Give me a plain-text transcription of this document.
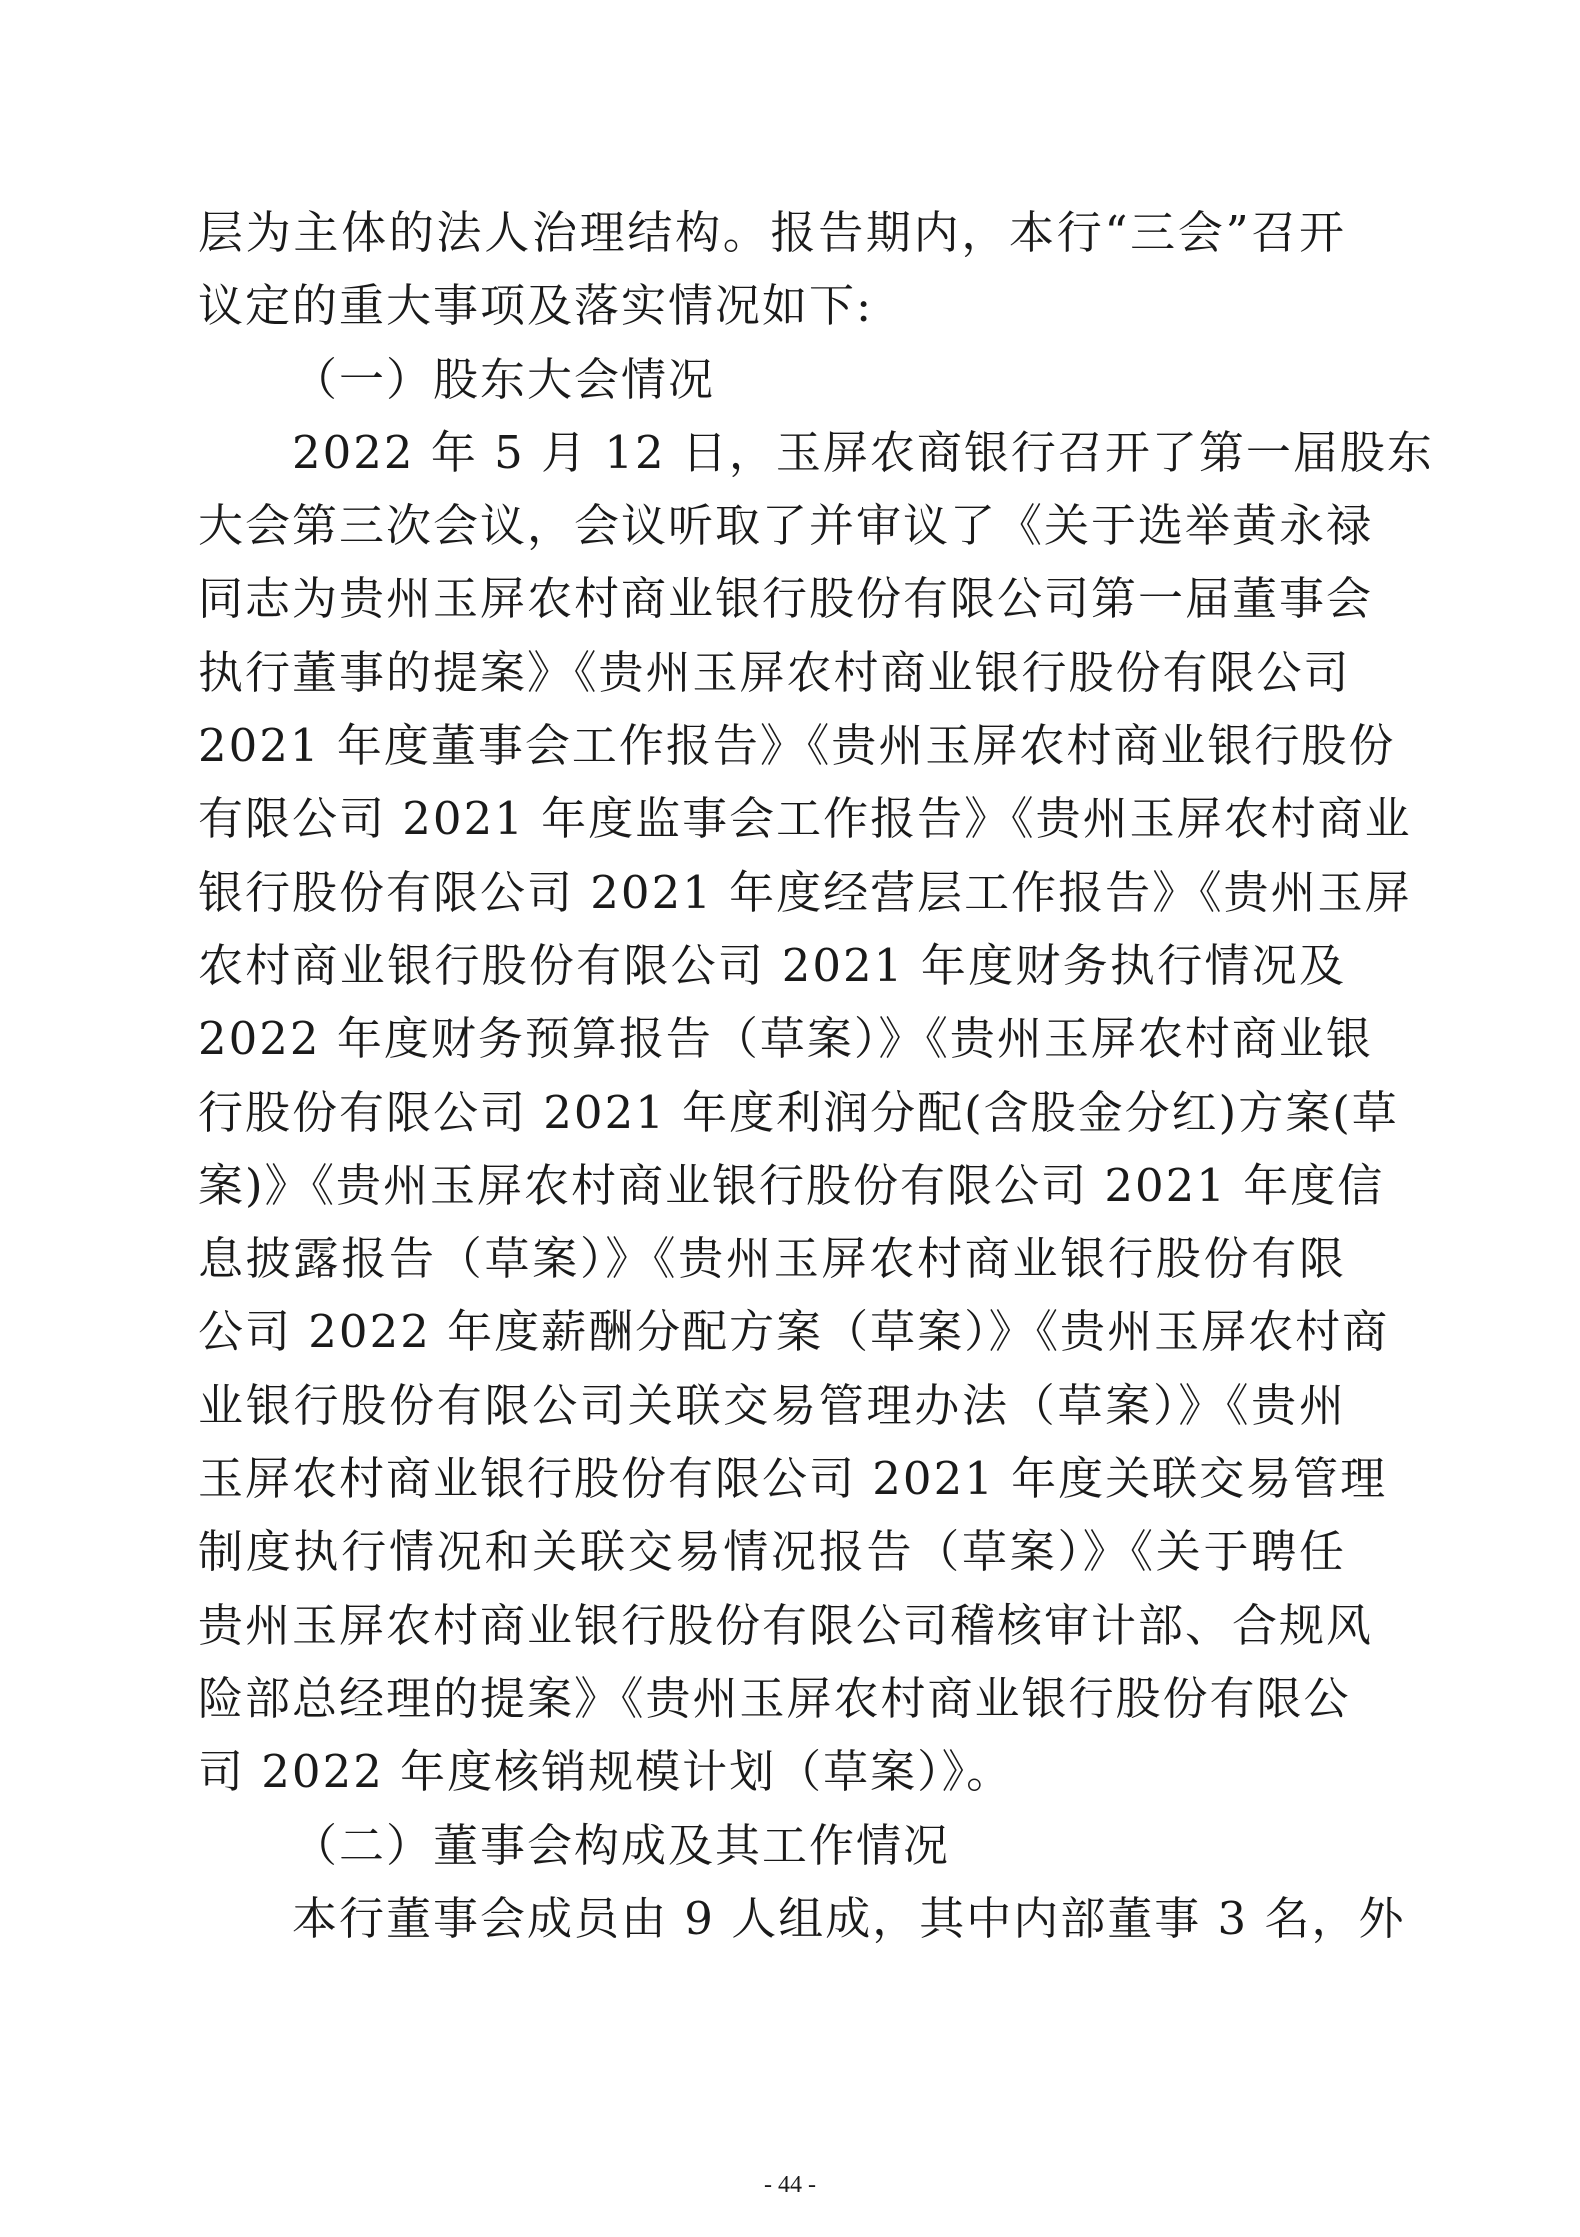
层为主体的法人治理结构。报告期内，本行“三会”召开
议定的重大事项及落实情况如下:
（一）股东大会情况
2022 年 5 月 12 日，玉屏农商银行召开了第一届股东
大会第三次会议，会议听取了并审议了《关于选举黄永禄
同志为贵州玉屏农村商业银行股份有限公司第一届董事会
执行董事的提案》《贵州玉屏农村商业银行股份有限公司
2021 年度董事会工作报告》《贵州玉屏农村商业银行股份
有限公司 2021 年度监事会工作报告》《贵州玉屏农村商业
银行股份有限公司 2021 年度经营层工作报告》《贵州玉屏
农村商业银行股份有限公司 2021 年度财务执行情况及
2022 年度财务预算报告（草案）》《贵州玉屏农村商业银
行股份有限公司 2021 年度利润分配(含股金分红)方案(草
案)》《贵州玉屏农村商业银行股份有限公司 2021 年度信
息披露报告（草案）》《贵州玉屏农村商业银行股份有限
公司 2022 年度薪酬分配方案（草案）》《贵州玉屏农村商
业银行股份有限公司关联交易管理办法（草案）》《贵州
玉屏农村商业银行股份有限公司 2021 年度关联交易管理
制度执行情况和关联交易情况报告（草案）》《关于聘任
贵州玉屏农村商业银行股份有限公司稽核审计部、合规风
险部总经理的提案》《贵州玉屏农村商业银行股份有限公
司 2022 年度核销规模计划（草案）》。
（二）董事会构成及其工作情况
本行董事会成员由 9 人组成，其中内部董事 3 名，外
- 44 -
